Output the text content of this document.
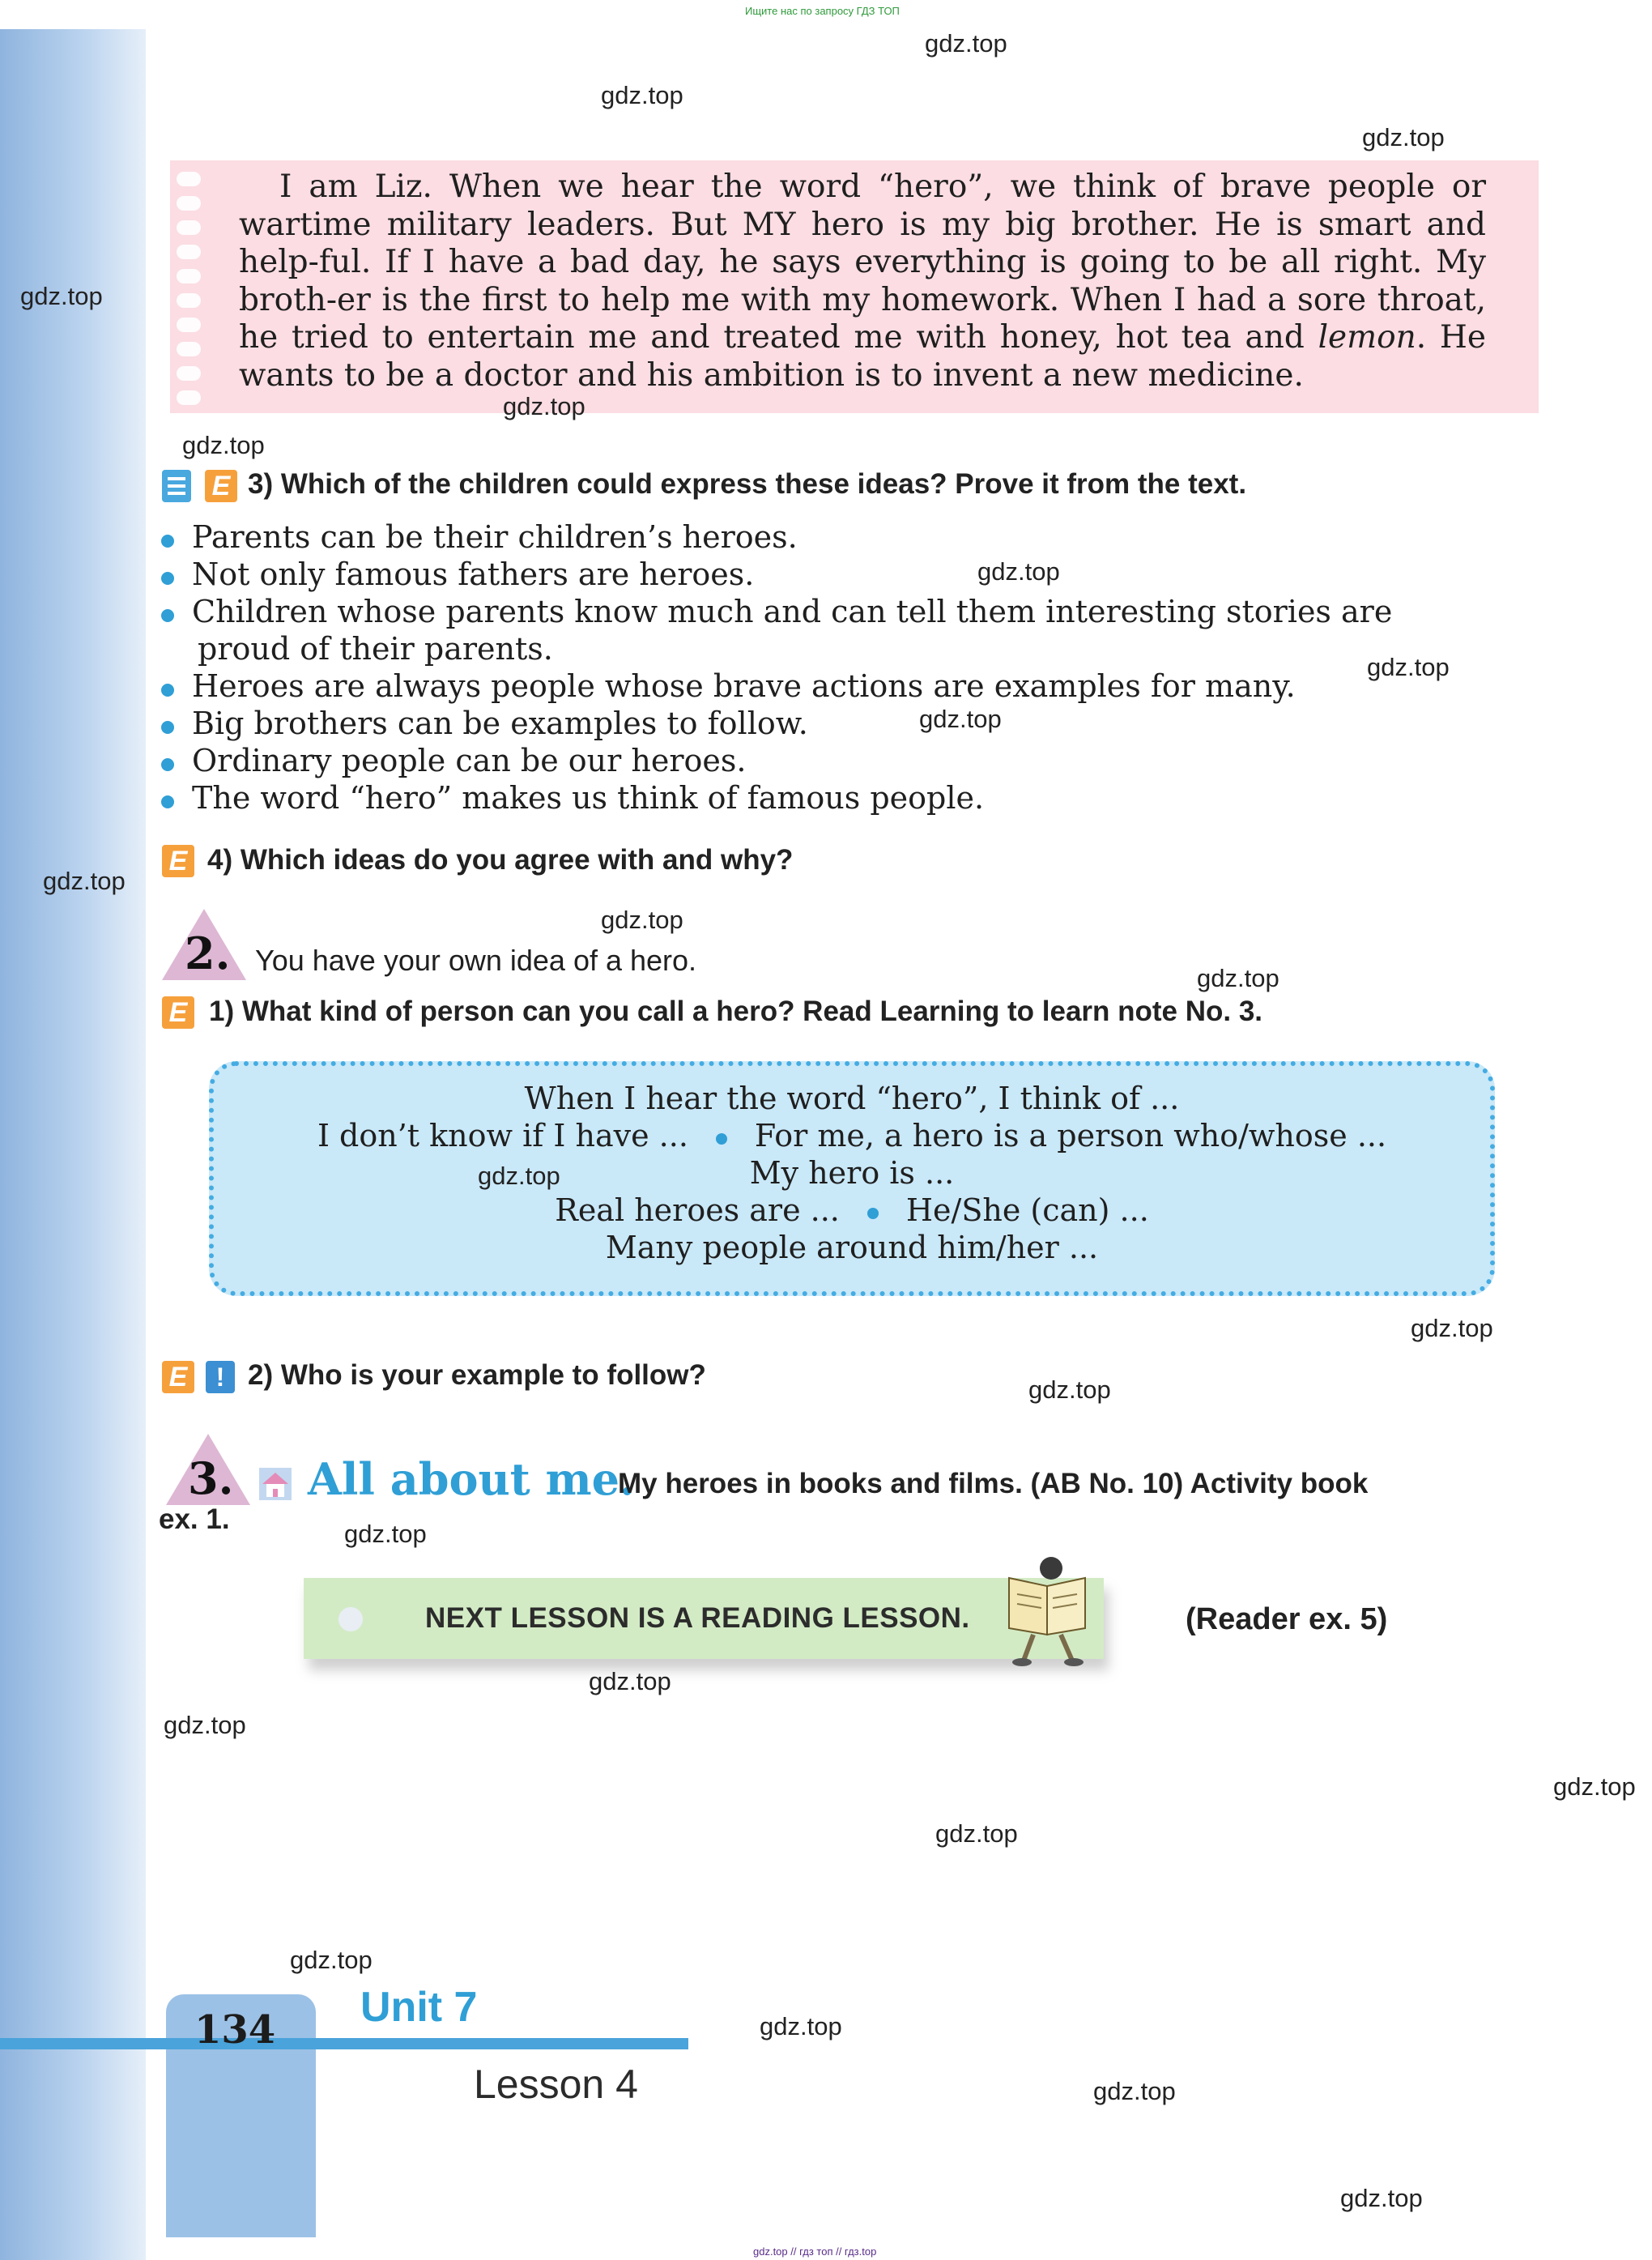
Ищите нас по запросу ГДЗ ТОП
gdz.top // гдз топ // гдз.top
I am Liz. When we hear the word “hero”, we think of brave people or wartime military leaders. But MY hero is my big brother. He is smart and help-ful. If I have a bad day, he says everything is going to be all right. My broth-er is the first to help me with my homework. When I had a sore throat, he tried to entertain me and treated me with honey, hot tea and lemon. He wants to be a doctor and his ambition is to invent a new medicine.
E 3) Which of the children could express these ideas? Prove it from the text.
Parents can be their children’s heroes.
Not only famous fathers are heroes.
Children whose parents know much and can tell them interesting stories are
proud of their parents.
Heroes are always people whose brave actions are examples for many.
Big brothers can be examples to follow.
Ordinary people can be our heroes.
The word “hero” makes us think of famous people.
E 4) Which ideas do you agree with and why?
2. You have your own idea of a hero.
E 1) What kind of person can you call a hero? Read Learning to learn note No. 3.
When I hear the word “hero”, I think of ...
I don’t know if I have ... For me, a hero is a person who/whose ...
My hero is ...
Real heroes are ... He/She (can) ...
Many people around him/her ...
E	! 2) Who is your example to follow?
3. All about me.
My heroes in books and films. (AB No. 10) Activity book
ex. 1.
NEXT LESSON IS A READING LESSON.	(Reader ex. 5)
134 Unit 7
Lesson 4
gdz.top
gdz.top
gdz.top
gdz.top
gdz.top
gdz.top
gdz.top
gdz.top
gdz.top
gdz.top
gdz.top
gdz.top
gdz.top
gdz.top
gdz.top
gdz.top
gdz.top
gdz.top
gdz.top
gdz.top
gdz.top
gdz.top
gdz.top
gdz.top
